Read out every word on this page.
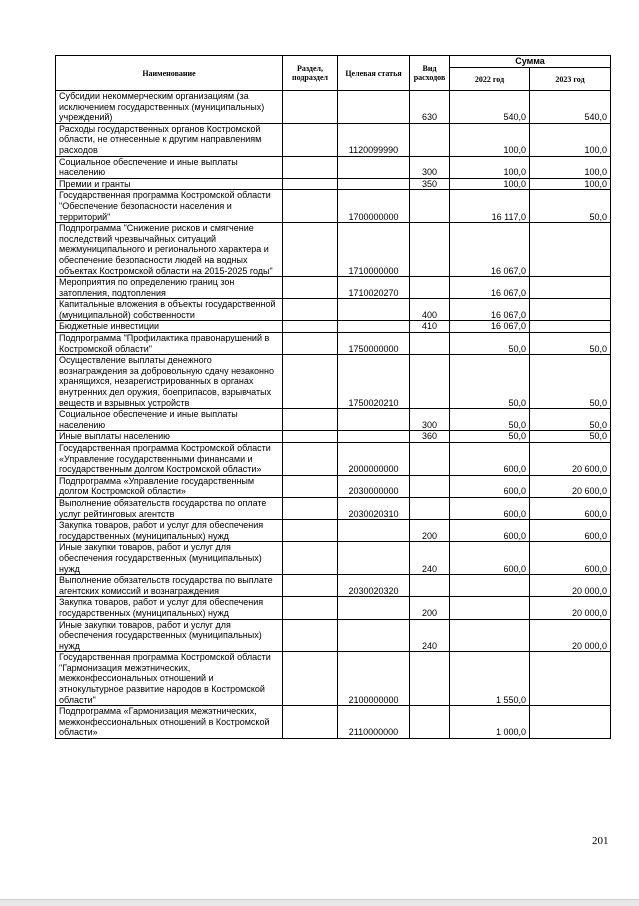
Наименование	Раздел, подраздел	Целевая статья	Вид расходов	Сумма	
				2022 год	2023 год
Субсидии некоммерческим организациям (за исключением государственных (муниципальных) учреждений)			630	540,0	540,0
Расходы государственных органов Костромской области, не отнесенные к другим направлениям расходов		1120099990		100,0	100,0
Социальное обеспечение и иные выплаты населению			300	100,0	100,0
Премии и гранты			350	100,0	100,0
Государственная программа Костромской области "Обеспечение безопасности населения и территорий"		1700000000		16 117,0	50,0
Подпрограмма "Снижение рисков и смягчение последствий чрезвычайных ситуаций межмуниципального и регионального характера и обеспечение безопасности людей на водных объектах Костромской области на 2015-2025 годы"		1710000000		16 067,0	
Мероприятия по определению границ зон затопления, подтопления		1710020270		16 067,0	
Капитальные вложения в объекты государственной (муниципальной) собственности			400	16 067,0	
Бюджетные инвестиции			410	16 067,0	
Подпрограмма "Профилактика правонарушений в Костромской области"		1750000000		50,0	50,0
Осуществление выплаты денежного вознаграждения за добровольную сдачу незаконно хранящихся, незарегистрированных в органах внутренних дел оружия, боеприпасов, взрывчатых веществ и взрывных устройств		1750020210		50,0	50,0
Социальное обеспечение и иные выплаты населению			300	50,0	50,0
Иные выплаты населению			360	50,0	50,0
Государственная программа Костромской области «Управление государственными финансами и государственным долгом Костромской области»		2000000000		600,0	20 600,0
Подпрограмма «Управление государственным долгом Костромской области»		2030000000		600,0	20 600,0
Выполнение обязательств государства по оплате услуг рейтинговых агентств		2030020310		600,0	600,0
Закупка товаров, работ и услуг для обеспечения государственных (муниципальных) нужд			200	600,0	600,0
Иные закупки товаров, работ и услуг для обеспечения государственных (муниципальных) нужд			240	600,0	600,0
Выполнение обязательств государства по выплате агентских комиссий и вознаграждения		2030020320			20 000,0
Закупка товаров, работ и услуг для обеспечения государственных (муниципальных) нужд			200		20 000,0
Иные закупки товаров, работ и услуг для обеспечения государственных (муниципальных) нужд			240		20 000,0
Государственная программа Костромской области "Гармонизация межэтнических, межконфессиональных отношений и этнокультурное развитие народов в Костромской области"		2100000000		1 550,0	
Подпрограмма «Гармонизация межэтнических, межконфессиональных отношений в Костромской области»		2110000000		1 000,0	
201
